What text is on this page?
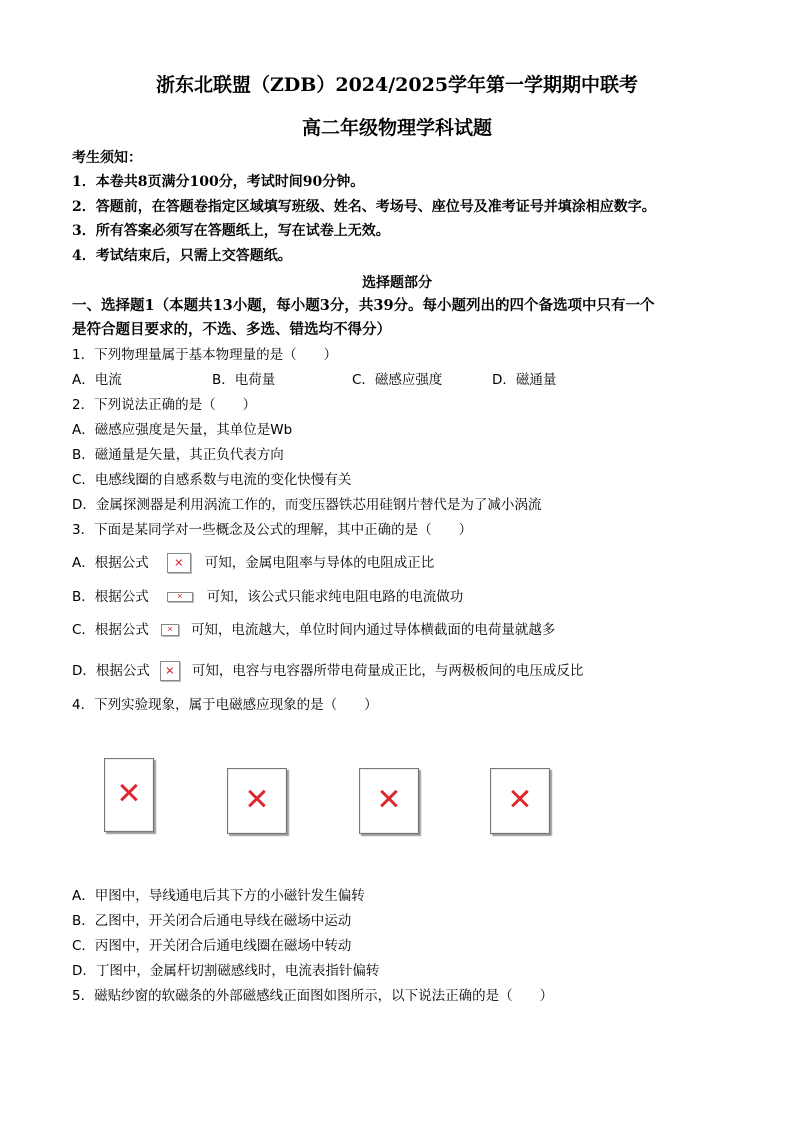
浙东北联盟（ZDB）2024/2025学年第一学期期中联考
高二年级物理学科试题
考生须知：
1．本卷共8页满分100分，考试时间90分钟。
2．答题前，在答题卷指定区域填写班级、姓名、考场号、座位号及准考证号并填涂相应数字。
3．所有答案必须写在答题纸上，写在试卷上无效。
4．考试结束后，只需上交答题纸。
选择题部分
一、选择题1（本题共13小题，每小题3分，共39分。每小题列出的四个备选项中只有一个
是符合题目要求的，不选、多选、错选均不得分）
1．下列物理量属于基本物理量的是（　　）
A．电流	B．电荷量	C．磁感应强度	D．磁通量
2．下列说法正确的是（　　）
A．磁感应强度是矢量，其单位是Wb
B．磁通量是矢量，其正负代表方向
C．电感线圈的自感系数与电流的变化快慢有关
D．金属探测器是利用涡流工作的，而变压器铁芯用硅钢片替代是为了减小涡流
3．下面是某同学对一些概念及公式的理解，其中正确的是（　　）
A．根据公式 ✕ 可知，金属电阻率与导体的电阻成正比
B．根据公式	✕ 可知，该公式只能求纯电阻电路的电流做功
C．根据公式	✕ 可知，电流越大，单位时间内通过导体横截面的电荷量就越多
D．根据公式 ✕ 可知，电容与电容器所带电荷量成正比，与两极板间的电压成反比
4．下列实验现象，属于电磁感应现象的是（　　）
✕	✕	✕	✕
A．甲图中，导线通电后其下方的小磁针发生偏转
B．乙图中，开关闭合后通电导线在磁场中运动
C．丙图中，开关闭合后通电线圈在磁场中转动
D．丁图中，金属杆切割磁感线时，电流表指针偏转
5．磁贴纱窗的软磁条的外部磁感线正面图如图所示，以下说法正确的是（　　）
